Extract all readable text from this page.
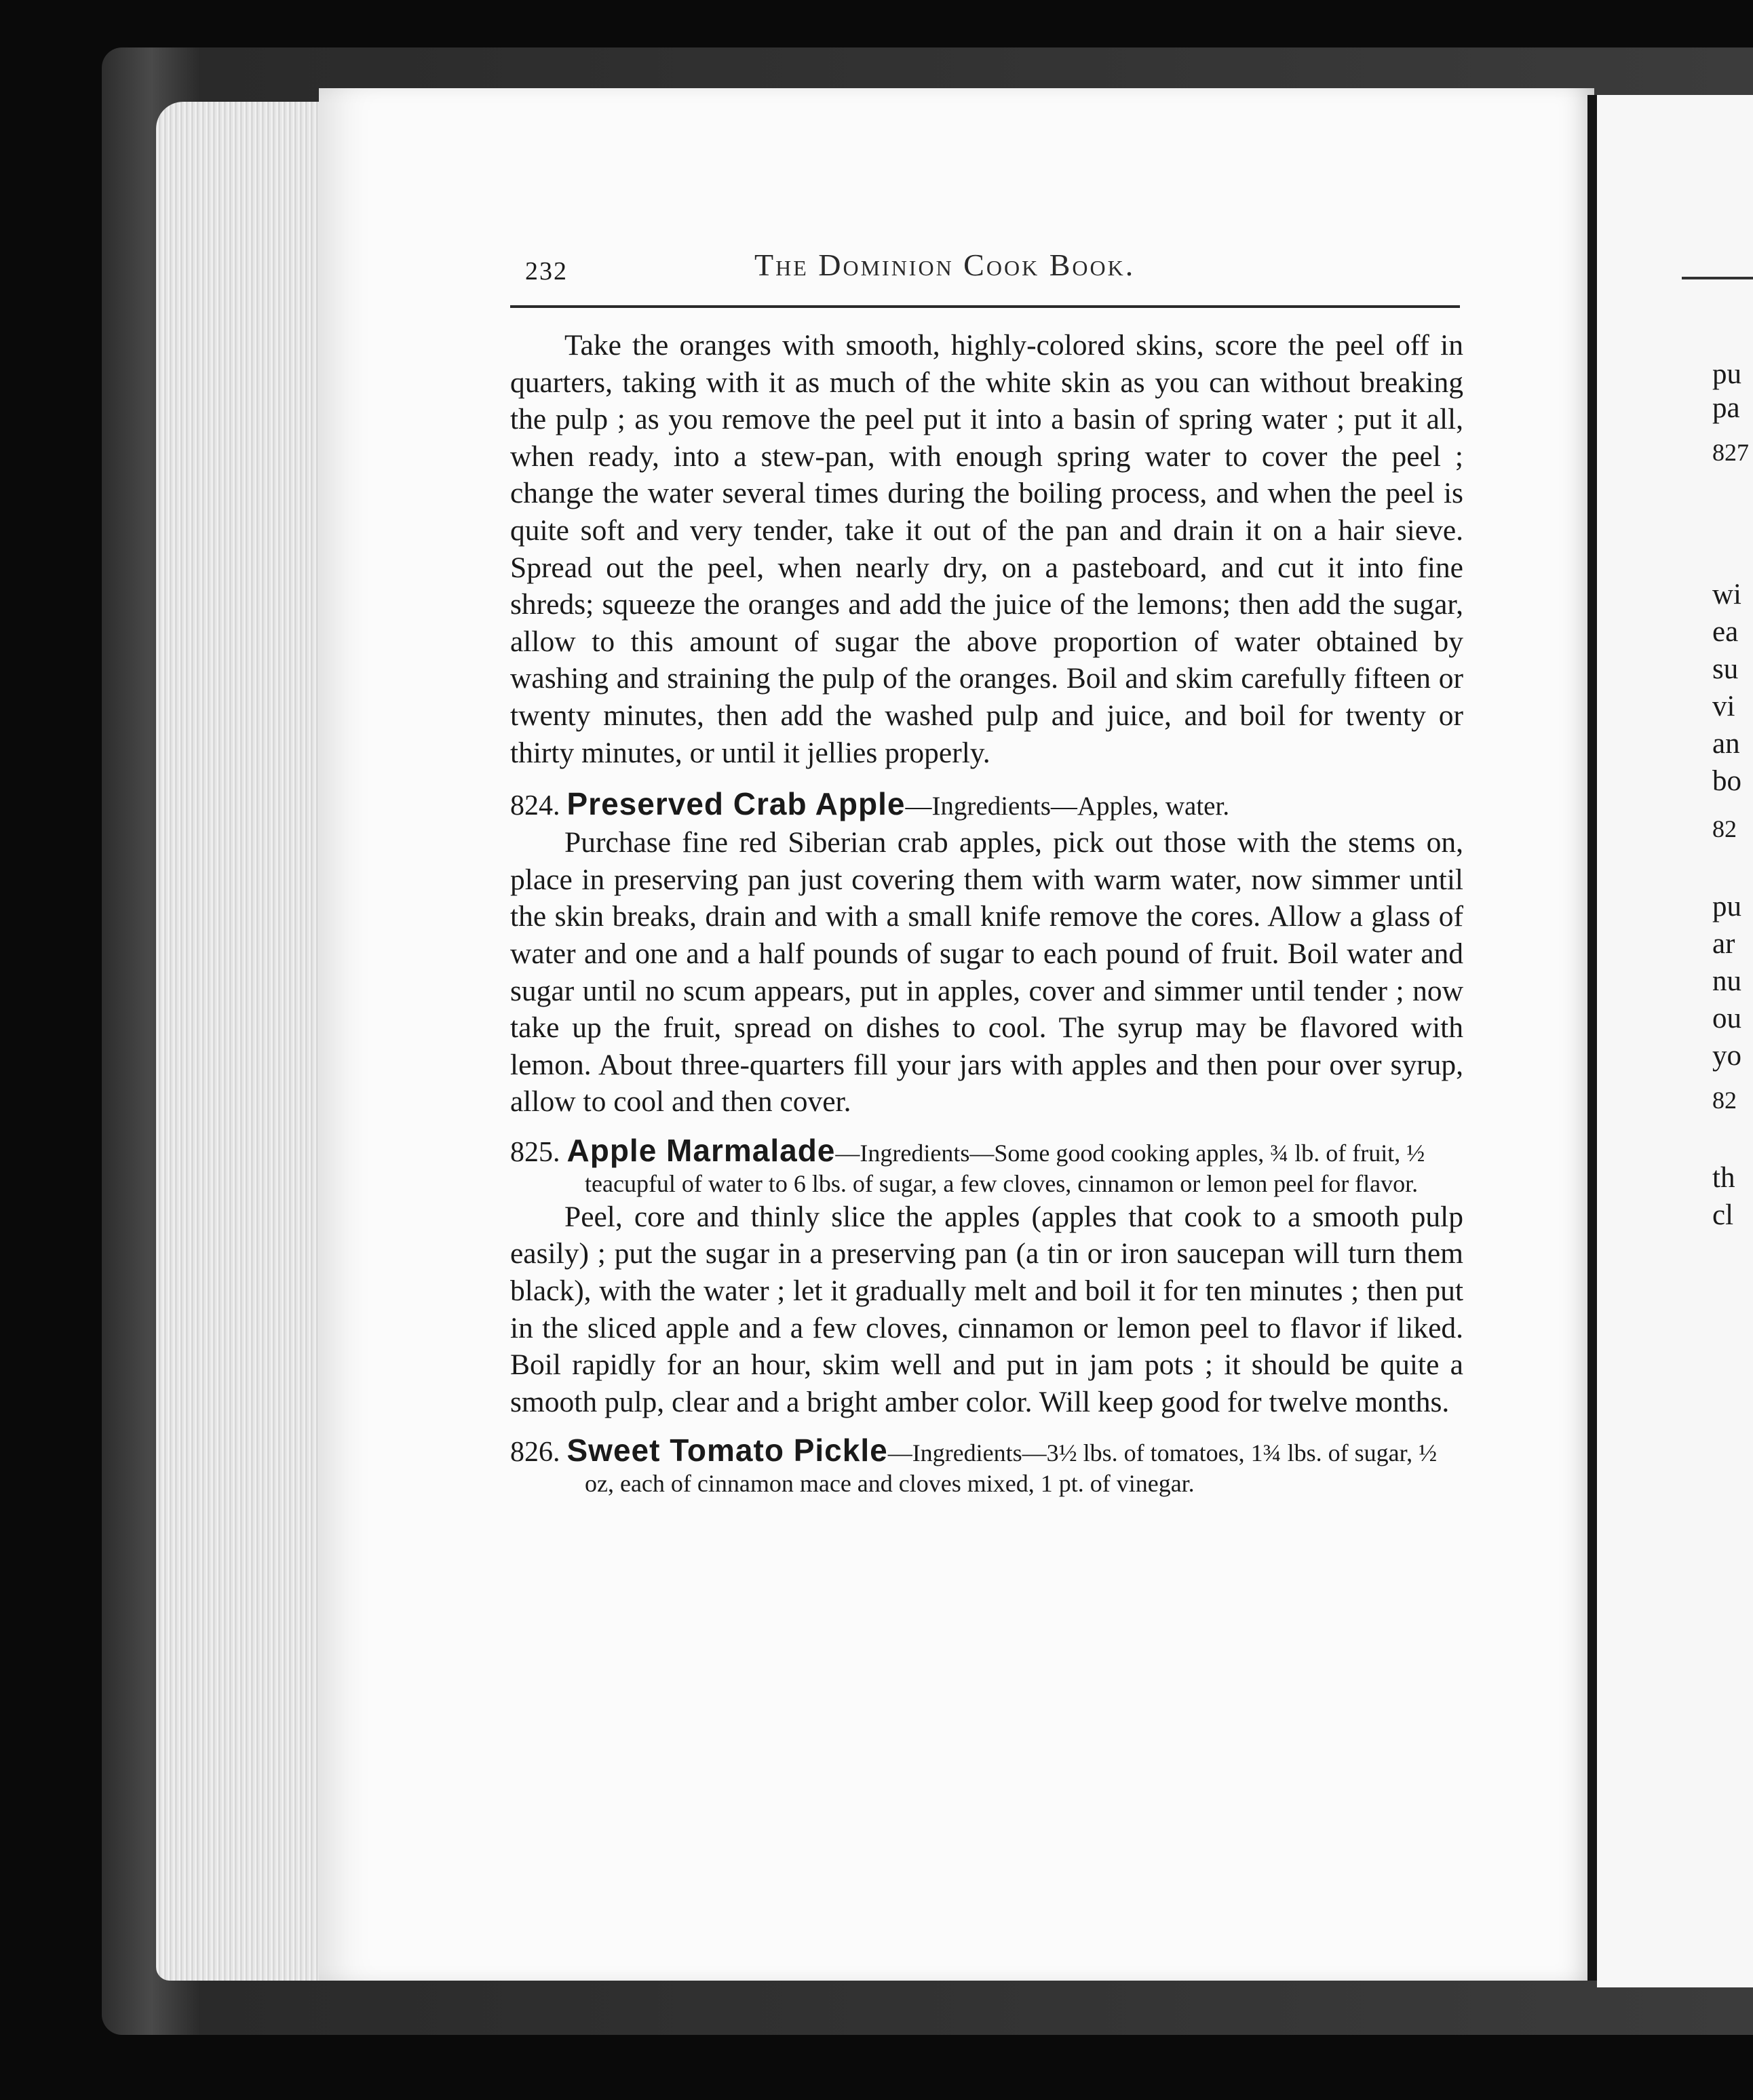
pu
pa
827
wi
ea
su
vi
an
bo
82
pu
ar
nu
ou
yo
82
th
cl
232	The Dominion Cook Book.

Take the oranges with smooth, highly-colored skins, score the peel off in quarters, taking with it as much of the white skin as you can without breaking the pulp ; as you remove the peel put it into a basin of spring water ; put it all, when ready, into a stew-pan, with enough spring water to cover the peel ; change the water several times during the boiling process, and when the peel is quite soft and very tender, take it out of the pan and drain it on a hair sieve. Spread out the peel, when nearly dry, on a pasteboard, and cut it into fine shreds; squeeze the oranges and add the juice of the lemons; then add the sugar, allow to this amount of sugar the above proportion of water obtained by washing and straining the pulp of the oranges. Boil and skim carefully fifteen or twenty minutes, then add the washed pulp and juice, and boil for twenty or thirty minutes, or until it jellies properly.

824. Preserved Crab Apple—Ingredients—Apples, water.

Purchase fine red Siberian crab apples, pick out those with the stems on, place in preserving pan just covering them with warm water, now simmer until the skin breaks, drain and with a small knife remove the cores. Allow a glass of water and one and a half pounds of sugar to each pound of fruit. Boil water and sugar until no scum appears, put in apples, cover and simmer until tender ; now take up the fruit, spread on dishes to cool. The syrup may be flavored with lemon. About three-quarters fill your jars with apples and then pour over syrup, allow to cool and then cover.

825. Apple Marmalade—Ingredients—Some good cooking apples, ¾ lb. of fruit, ½ teacupful of water to 6 lbs. of sugar, a few cloves, cinnamon or lemon peel for flavor.

Peel, core and thinly slice the apples (apples that cook to a smooth pulp easily) ; put the sugar in a preserving pan (a tin or iron saucepan will turn them black), with the water ; let it gradually melt and boil it for ten minutes ; then put in the sliced apple and a few cloves, cinnamon or lemon peel to flavor if liked. Boil rapidly for an hour, skim well and put in jam pots ; it should be quite a smooth pulp, clear and a bright amber color. Will keep good for twelve months.

826. Sweet Tomato Pickle—Ingredients—3½ lbs. of tomatoes, 1¾ lbs. of sugar, ½ oz, each of cinnamon mace and cloves mixed, 1 pt. of vinegar.
